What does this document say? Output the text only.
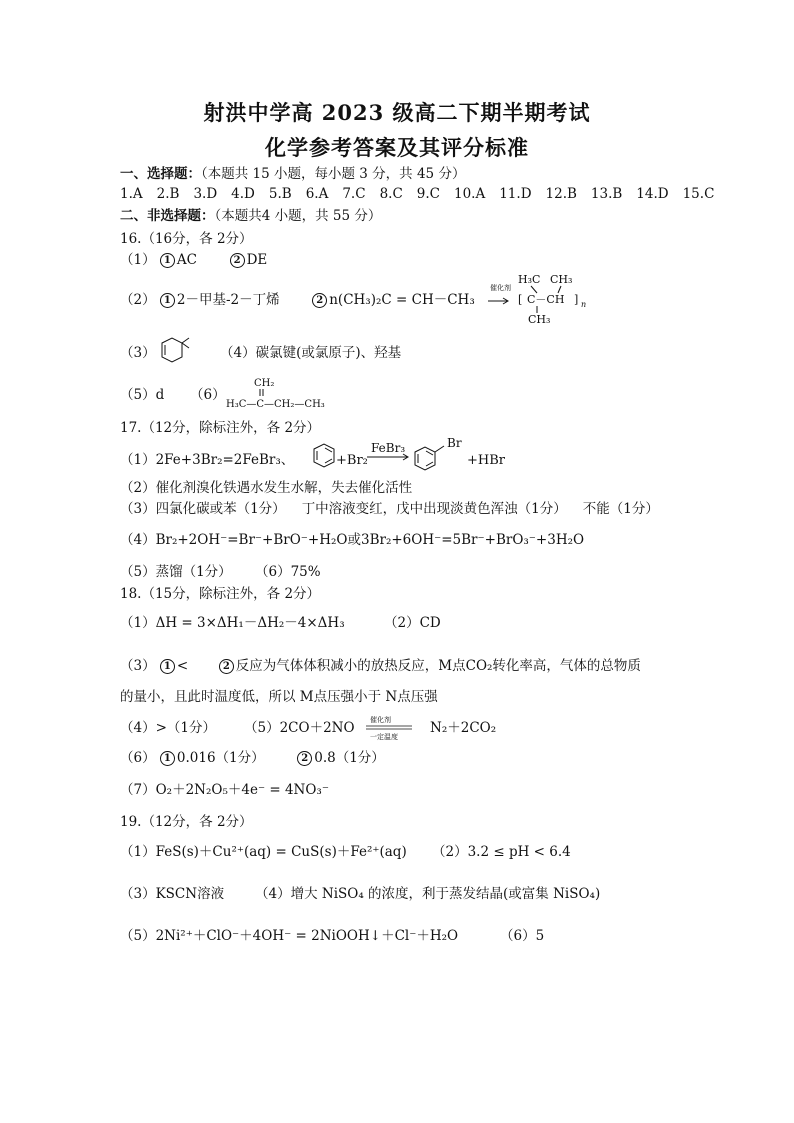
射洪中学高 2023 级高二下期半期考试
化学参考答案及其评分标准
一、选择题：（本题共 15 小题，每小题 3 分，共 45 分）
1.A 2.B 3.D 4.D 5.B 6.A 7.C 8.C 9.C 10.A 11.D 12.B 13.B 14.D 15.C
二、非选择题：（本题共4 小题，共 55 分）
16.（16分，各 2分）
（1） 1 AC	2 DE
（2） 1 2－甲基-2－丁烯	2 n(CH₃)₂C = CH－CH₃
催化剂
H₃C CH₃
[ C－CH ] n
CH₃
（3）	（4）碳氯键(或氯原子)、羟基
（5）d （6）
CH₂
H₃C—C—CH₂—CH₃
17.（12分，除标注外，各 2分）
（1）2Fe+3Br₂=2FeBr₃、	+Br₂
FeBr₃	Br
+HBr
（2）催化剂溴化铁遇水发生水解，失去催化活性
（3）四氯化碳或苯（1分） 丁中溶液变红，戊中出现淡黄色浑浊（1分） 不能（1分）
（4）Br₂+2OH⁻=Br⁻+BrO⁻+H₂O或3Br₂+6OH⁻=5Br⁻+BrO₃⁻+3H₂O
（5）蒸馏（1分） （6）75%
18.（15分，除标注外，各 2分）
（1）ΔH = 3×ΔH₁－ΔH₂－4×ΔH₃	（2）CD
（3） 1 <	2 反应为气体体积减小的放热反应，M点CO₂转化率高，气体的总物质
的量小，且此时温度低，所以 M点压强小于 N点压强
（4）>（1分） （5）2CO＋2NO 催化剂
一定温度
N₂＋2CO₂
（6） 1 0.016（1分）	2 0.8（1分）
（7）O₂＋2N₂O₅＋4e⁻ = 4NO₃⁻
19.（12分，各 2分）
（1）FeS(s)＋Cu²⁺(aq) = CuS(s)＋Fe²⁺(aq) （2）3.2 ≤ pH < 6.4
（3）KSCN溶液 （4）增大 NiSO₄ 的浓度，利于蒸发结晶(或富集 NiSO₄)
（5）2Ni²⁺＋ClO⁻＋4OH⁻ = 2NiOOH↓＋Cl⁻＋H₂O	（6）5
